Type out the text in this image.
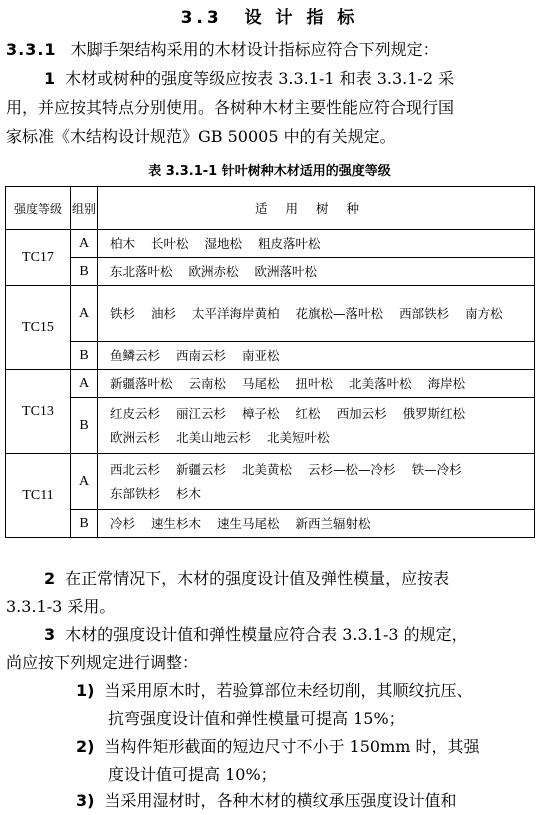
3.3 设 计 指 标
3.3.1 木脚手架结构采用的木材设计指标应符合下列规定：
1 木材或树种的强度等级应按表 3.3.1-1 和表 3.3.1-2 采
用，并应按其特点分别使用。各树种木材主要性能应符合现行国
家标准《木结构设计规范》GB 50005 中的有关规定。
表 3.3.1-1 针叶树种木材适用的强度等级
强度等级	组别	适用树种
TC17	A	柏木 长叶松 湿地松 粗皮落叶松
	B	东北落叶松 欧洲赤松 欧洲落叶松
TC15	A	铁杉 油杉 太平洋海岸黄柏 花旗松—落叶松 西部铁杉 南方松
	B	鱼鳞云杉 西南云杉 南亚松
TC13	A	新疆落叶松 云南松 马尾松 扭叶松 北美落叶松 海岸松
	B	红皮云杉 丽江云杉 樟子松 红松 西加云杉 俄罗斯红松欧洲云杉 北美山地云杉 北美短叶松
TC11	A	西北云杉 新疆云杉 北美黄松 云杉—松—冷杉 铁—冷杉东部铁杉 杉木
	B	冷杉 速生杉木 速生马尾松 新西兰辐射松
2 在正常情况下，木材的强度设计值及弹性模量，应按表
3.3.1-3 采用。
3 木材的强度设计值和弹性模量应符合表 3.3.1-3 的规定，
尚应按下列规定进行调整：
1) 当采用原木时，若验算部位未经切削，其顺纹抗压、
抗弯强度设计值和弹性模量可提高 15%；
2) 当构件矩形截面的短边尺寸不小于 150mm 时，其强
度设计值可提高 10%；
3) 当采用湿材时，各种木材的横纹承压强度设计值和
